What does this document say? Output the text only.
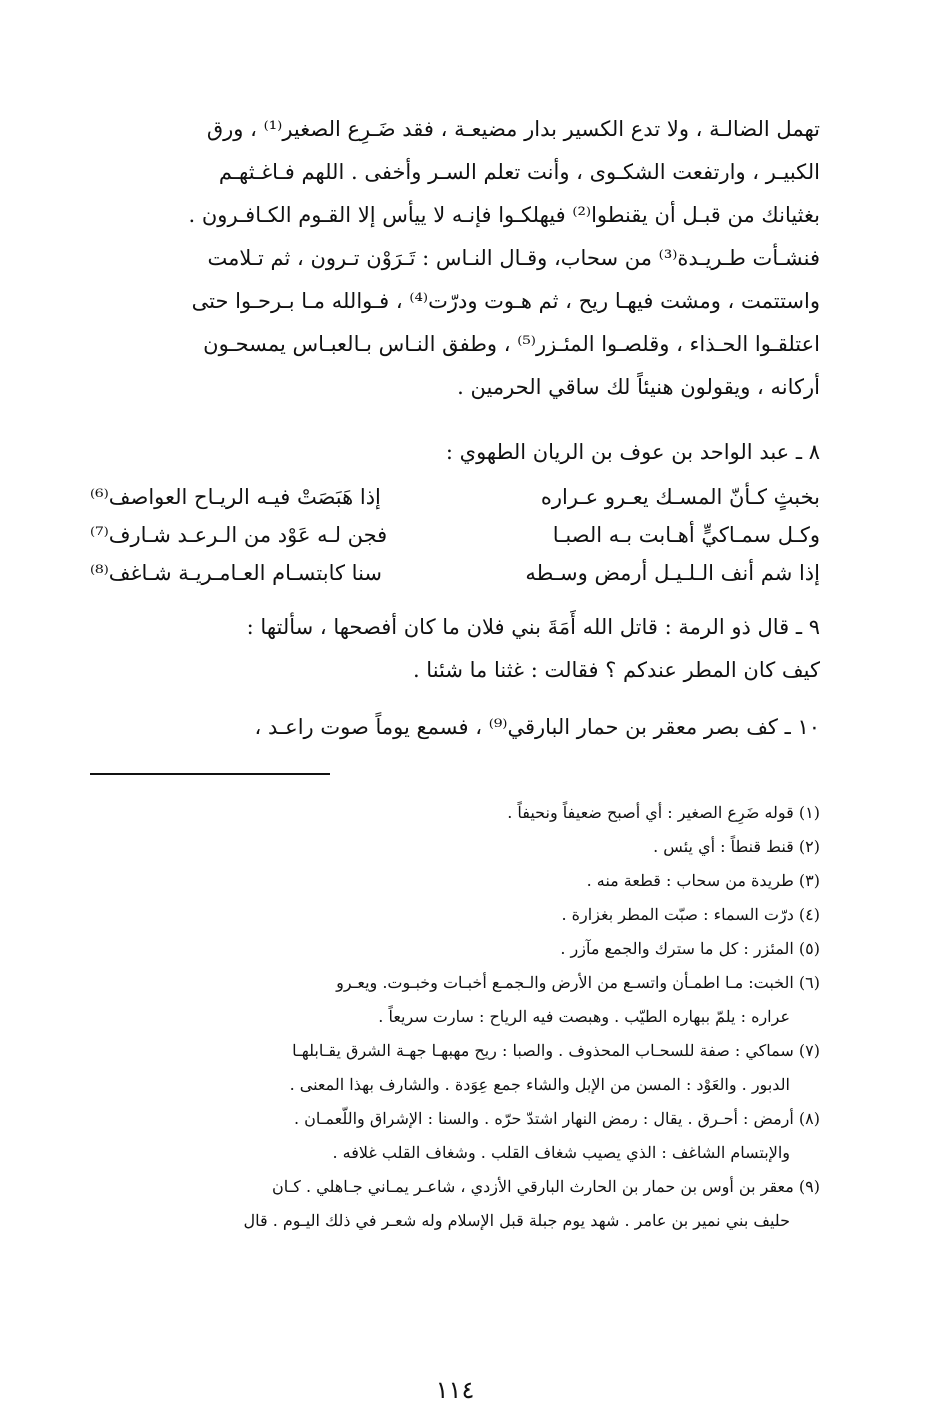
تهمل الضالـة ، ولا تدع الكسير بدار مضيعـة ، فقد ضَـرِع الصغير⁽¹⁾ ، ورق
الكبيـر ، وارتفعت الشكـوى ، وأنت تعلم السـر وأخفى . اللهم فـاغـثهـم
بغثيانك من قبـل أن يقنطوا⁽²⁾ فيهلكـوا فإنـه لا ييأس إلا القـوم الكـافـرون .
فنشـأت طـريـدة⁽³⁾ من سحاب، وقـال النـاس : تَـرَوْن تـرون ، ثم تـلامت
واستتمت ، ومشت فيهـا ريح ، ثم هـوت ودرّت⁽⁴⁾ ، فـوالله مـا بـرحـوا حتى
اعتلقـوا الحـذاء ، وقلصـوا المئـزر⁽⁵⁾ ، وطفق النـاس بـالعبـاس يمسحـون
أركانه ، ويقولون هنيئاً لك ساقي الحرمين .

٨ ـ عبد الواحد بن عوف بن الريان الطهوي :

بخبثٍ كـأنّ المسـك يعـرو عـراره
إذا هَبَصَتْ فيـه الريـاح العواصف⁽⁶⁾
وكـل سمـاكيٍّ أهـابت بـه الصبـا
فجن لـه عَوْد من الـرعـد شـارف⁽⁷⁾
إذا شم أنف الـلـيـل أرمض وسـطه
سنا كابتسـام العـامـريـة شـاغف⁽⁸⁾

٩ ـ قال ذو الرمة : قاتل الله أَمَةَ بني فلان ما كان أفصحها ، سألتها :
كيف كان المطر عندكم ؟ فقالت : غثنا ما شئنا .

١٠ ـ كف بصر معقر بن حمار البارقي⁽⁹⁾ ، فسمع يوماً صوت راعـد ،

(١) قوله ضَرِع الصغير : أي أصبح ضعيفاً ونحيفاً .
(٢) قنط قنطاً : أي يئس .
(٣) طريدة من سحاب : قطعة منه .
(٤) درّت السماء : صبّت المطر بغزارة .
(٥) المئزر : كل ما سترك والجمع مآزر .
(٦) الخبت: مـا اطمـأن واتسـع من الأرض والـجمـع أخبـات وخبـوت. ويعـرو
عراره : يلمّ ببهاره الطيّب . وهبصت فيه الرياح : سارت سريعاً .
(٧) سماكي : صفة للسحـاب المحذوف . والصبا : ريح مهبهـا جهـة الشرق يقـابلهـا
الدبور . والعَوْد : المسن من الإبل والشاء جمع عِوَدة . والشارف بهذا المعنى .
(٨) أرمض : أحـرق . يقال : رمض النهار اشتدّ حرّه . والسنا : الإشراق واللّعمـان .
والإبتسام الشاغف : الذي يصيب شغاف القلب . وشغاف القلب غلافه .
(٩) معقر بن أوس بن حمار بن الحارث البارقي الأزدي ، شاعـر يمـاني جـاهلي . كـان
حليف بني نمير بن عامر . شهد يوم جبلة قبل الإسلام وله شعـر في ذلك اليـوم . قال
١١٤
